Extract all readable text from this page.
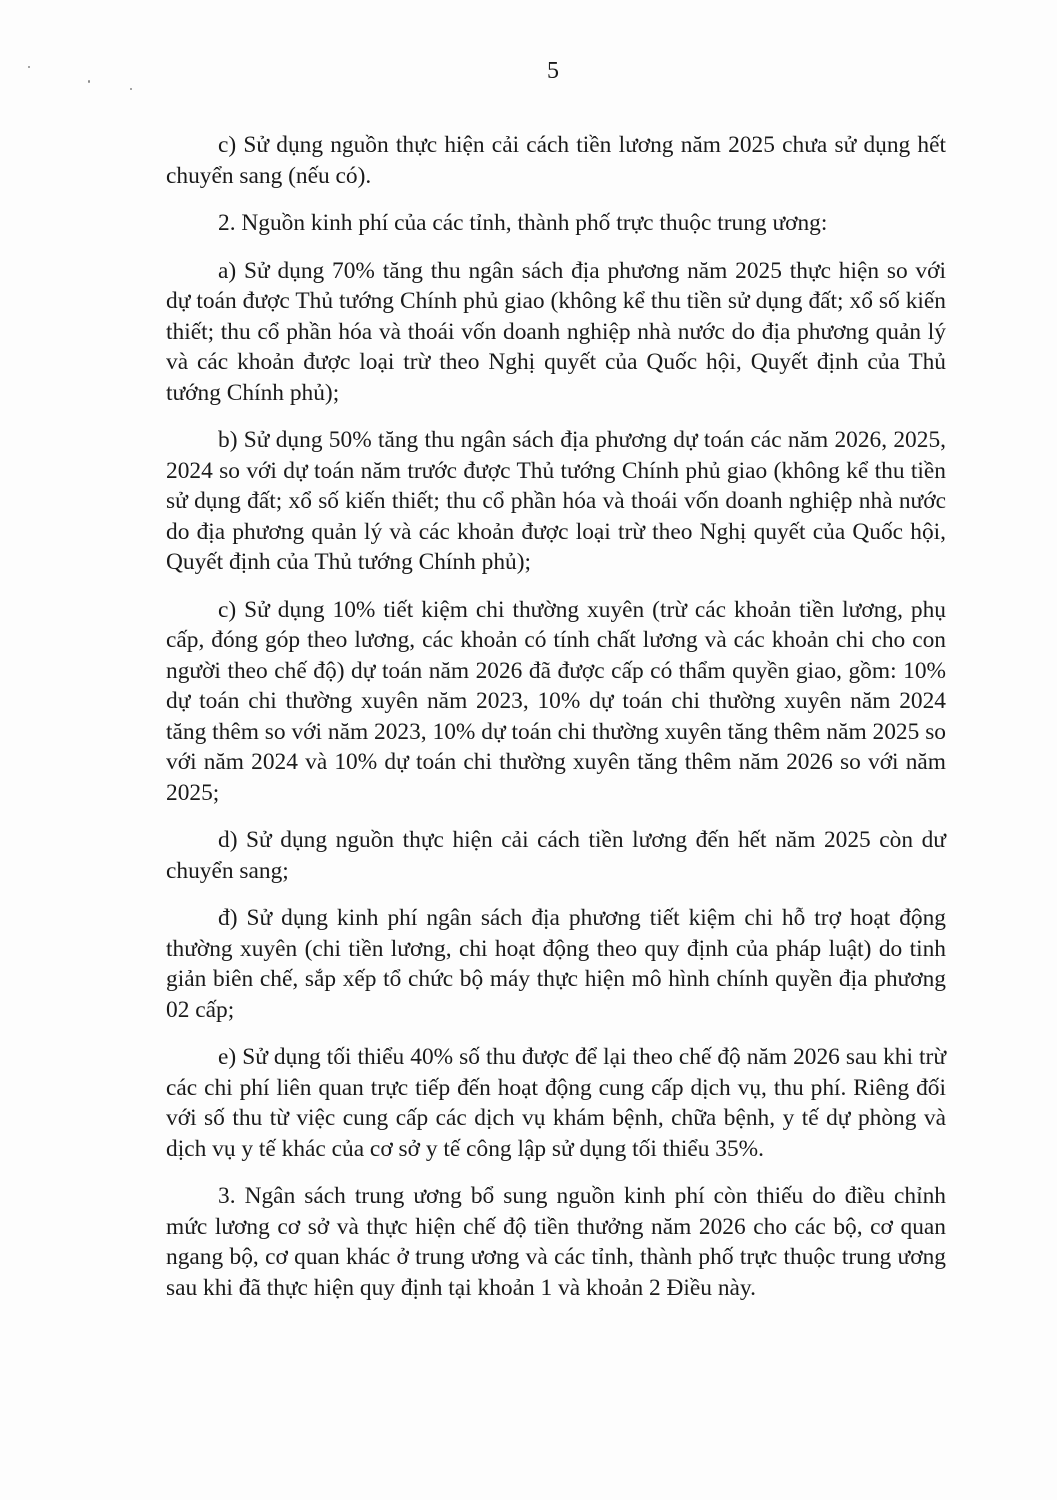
5

c) Sử dụng nguồn thực hiện cải cách tiền lương năm 2025 chưa sử dụng hết chuyển sang (nếu có).

2. Nguồn kinh phí của các tỉnh, thành phố trực thuộc trung ương:

a) Sử dụng 70% tăng thu ngân sách địa phương năm 2025 thực hiện so với dự toán được Thủ tướng Chính phủ giao (không kể thu tiền sử dụng đất; xổ số kiến thiết; thu cổ phần hóa và thoái vốn doanh nghiệp nhà nước do địa phương quản lý và các khoản được loại trừ theo Nghị quyết của Quốc hội, Quyết định của Thủ tướng Chính phủ);

b) Sử dụng 50% tăng thu ngân sách địa phương dự toán các năm 2026, 2025, 2024 so với dự toán năm trước được Thủ tướng Chính phủ giao (không kể thu tiền sử dụng đất; xổ số kiến thiết; thu cổ phần hóa và thoái vốn doanh nghiệp nhà nước do địa phương quản lý và các khoản được loại trừ theo Nghị quyết của Quốc hội, Quyết định của Thủ tướng Chính phủ);

c) Sử dụng 10% tiết kiệm chi thường xuyên (trừ các khoản tiền lương, phụ cấp, đóng góp theo lương, các khoản có tính chất lương và các khoản chi cho con người theo chế độ) dự toán năm 2026 đã được cấp có thẩm quyền giao, gồm: 10% dự toán chi thường xuyên năm 2023, 10% dự toán chi thường xuyên năm 2024 tăng thêm so với năm 2023, 10% dự toán chi thường xuyên tăng thêm năm 2025 so với năm 2024 và 10% dự toán chi thường xuyên tăng thêm năm 2026 so với năm 2025;

d) Sử dụng nguồn thực hiện cải cách tiền lương đến hết năm 2025 còn dư chuyển sang;

đ) Sử dụng kinh phí ngân sách địa phương tiết kiệm chi hỗ trợ hoạt động thường xuyên (chi tiền lương, chi hoạt động theo quy định của pháp luật) do tinh giản biên chế, sắp xếp tổ chức bộ máy thực hiện mô hình chính quyền địa phương 02 cấp;

e) Sử dụng tối thiểu 40% số thu được để lại theo chế độ năm 2026 sau khi trừ các chi phí liên quan trực tiếp đến hoạt động cung cấp dịch vụ, thu phí. Riêng đối với số thu từ việc cung cấp các dịch vụ khám bệnh, chữa bệnh, y tế dự phòng và dịch vụ y tế khác của cơ sở y tế công lập sử dụng tối thiểu 35%.

3. Ngân sách trung ương bổ sung nguồn kinh phí còn thiếu do điều chỉnh mức lương cơ sở và thực hiện chế độ tiền thưởng năm 2026 cho các bộ, cơ quan ngang bộ, cơ quan khác ở trung ương và các tỉnh, thành phố trực thuộc trung ương sau khi đã thực hiện quy định tại khoản 1 và khoản 2 Điều này.
